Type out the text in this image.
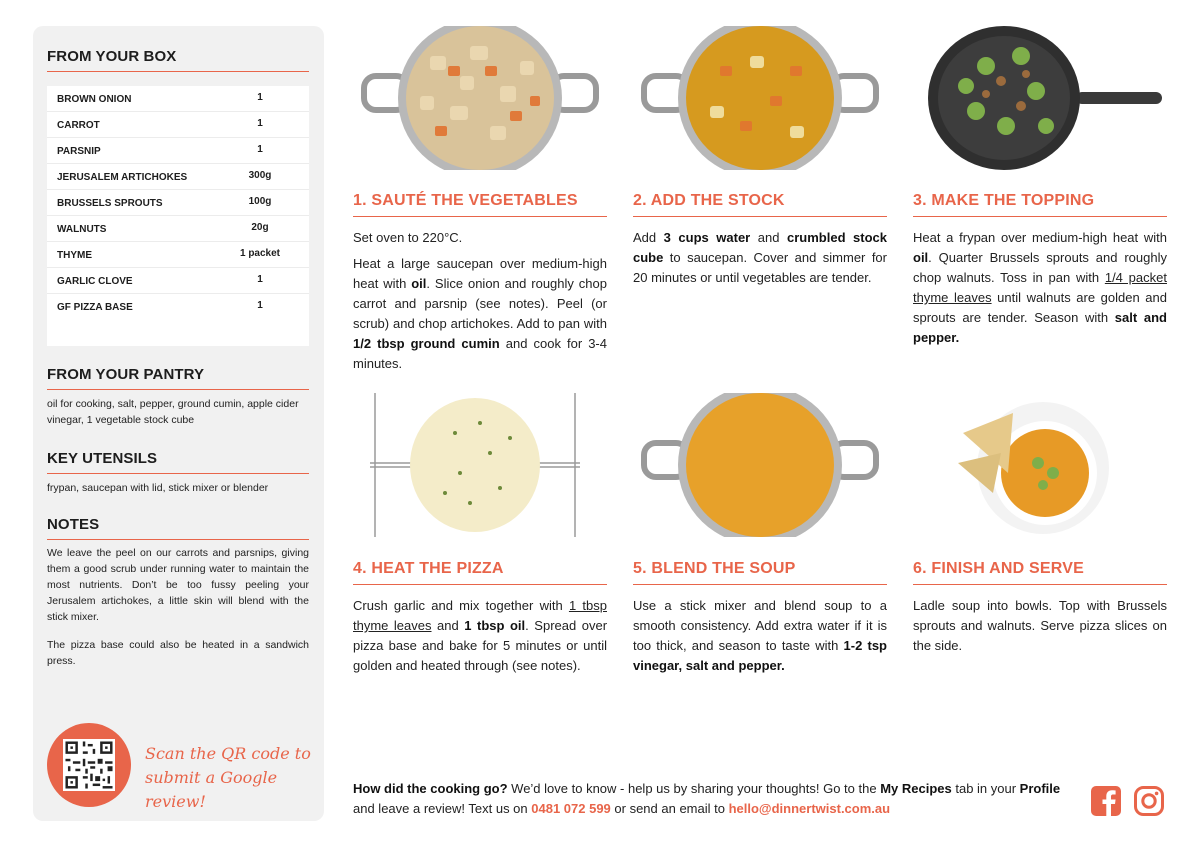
FROM YOUR BOX
BROWN ONION	1
CARROT	1
PARSNIP	1
JERUSALEM ARTICHOKES	300g
BRUSSELS SPROUTS	100g
WALNUTS	20g
THYME	1 packet
GARLIC CLOVE	1
GF PIZZA BASE	1
FROM YOUR PANTRY
oil for cooking, salt, pepper, ground cumin, apple cider vinegar, 1 vegetable stock cube
KEY UTENSILS
frypan, saucepan with lid, stick mixer or blender
NOTES
We leave the peel on our carrots and parsnips, giving them a good scrub under running water to maintain the most nutrients. Don’t be too fussy peeling your Jerusalem artichokes, a little skin will blend with the stick mixer.
The pizza base could also be heated in a sandwich press.
Scan the QR code to
submit a Google review!
1. SAUTÉ THE VEGETABLES

Set oven to 220°C.

Heat a large saucepan over medium-high heat with oil. Slice onion and roughly chop carrot and parsnip (see notes). Peel (or scrub) and chop artichokes. Add to pan with 1/2 tbsp ground cumin and cook for 3-4 minutes.

2. ADD THE STOCK

Add 3 cups water and crumbled stock cube to saucepan. Cover and simmer for 20 minutes or until vegetables are tender.

3. MAKE THE TOPPING

Heat a frypan over medium-high heat with oil. Quarter Brussels sprouts and roughly chop walnuts. Toss in pan with 1/4 packet thyme leaves until walnuts are golden and sprouts are tender. Season with salt and pepper.

4. HEAT THE PIZZA

Crush garlic and mix together with 1 tbsp thyme leaves and 1 tbsp oil. Spread over pizza base and bake for 5 minutes or until golden and heated through (see notes).

5. BLEND THE SOUP

Use a stick mixer and blend soup to a smooth consistency. Add extra water if it is too thick, and season to taste with 1-2 tsp vinegar, salt and pepper.

6. FINISH AND SERVE

Ladle soup into bowls. Top with Brussels sprouts and walnuts. Serve pizza slices on the side.

How did the cooking go? We’d love to know - help us by sharing your thoughts! Go to the My Recipes tab in your Profile and leave a review! Text us on 0481 072 599 or send an email to hello@dinnertwist.com.au
